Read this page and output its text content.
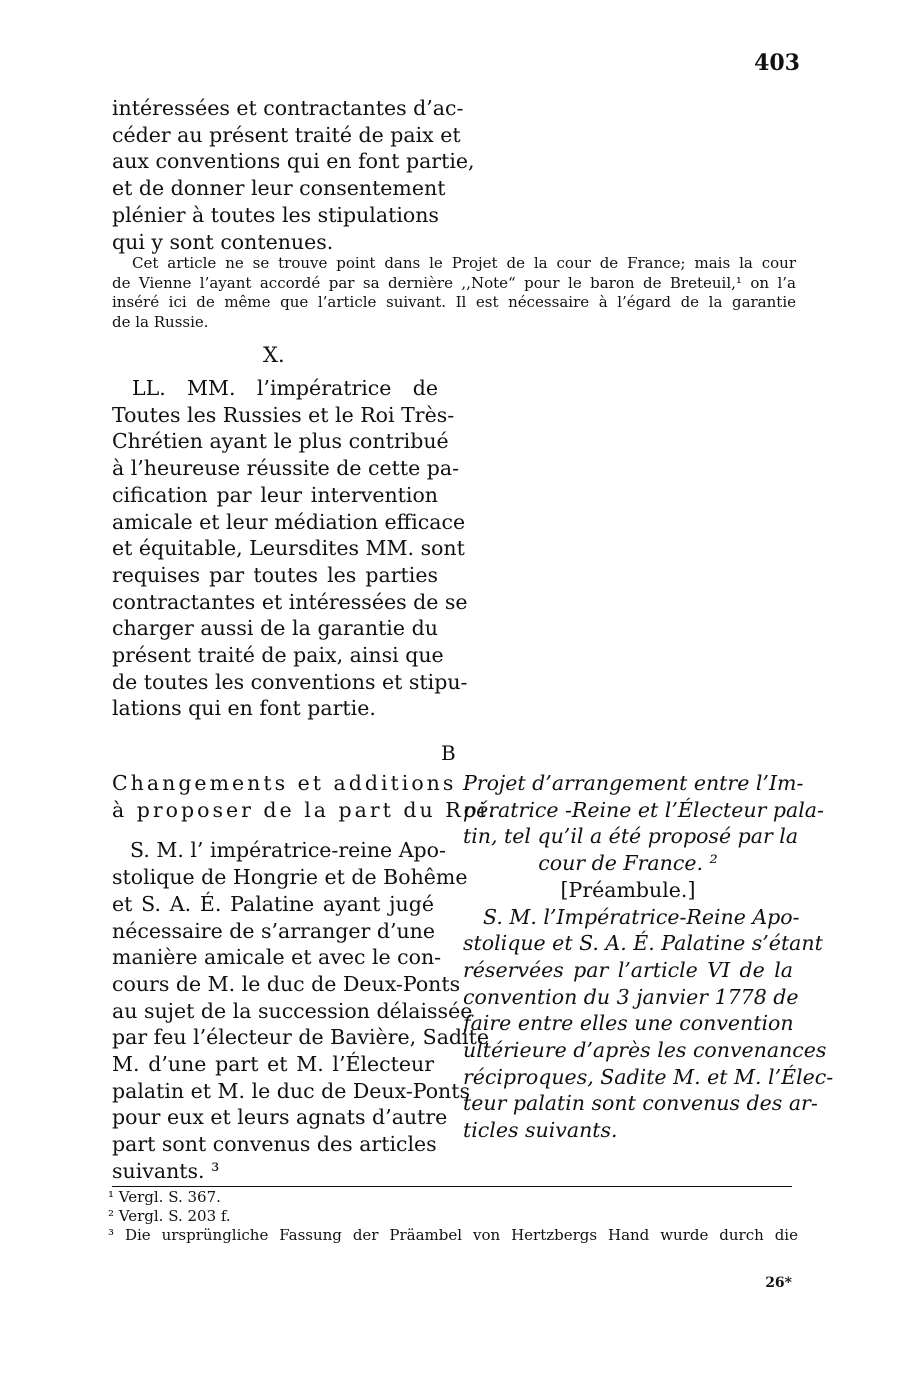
403
intéressées et contractantes d’ac-
céder au présent traité de paix et
aux conventions qui en font partie,
et de donner leur consentement
plénier à toutes les stipulations
qui y sont contenues.
Cet article ne se trouve point dans le Projet de la cour de France; mais la cour
de Vienne l’ayant accordé par sa dernière ,,Note“ pour le baron de Breteuil,¹ on l’a
inséré ici de même que l’article suivant. Il est nécessaire à l’égard de la garantie
de la Russie.
X.
LL. MM. l’impératrice de
Toutes les Russies et le Roi Très-
Chrétien ayant le plus contribué
à l’heureuse réussite de cette pa-
cification par leur intervention
amicale et leur médiation efficace
et équitable, Leursdites MM. sont
requises par toutes les parties
contractantes et intéressées de se
charger aussi de la garantie du
présent traité de paix, ainsi que
de toutes les conventions et stipu-
lations qui en font partie.
B
Changements et additions
à proposer de la part du Roi.
S. M. l’ impératrice-reine Apo-
stolique de Hongrie et de Bohême
et S. A. É. Palatine ayant jugé
nécessaire de s’arranger d’une
manière amicale et avec le con-
cours de M. le duc de Deux-Ponts
au sujet de la succession délaissée
par feu l’électeur de Bavière, Sadite
M. d’une part et M. l’Électeur
palatin et M. le duc de Deux-Ponts
pour eux et leurs agnats d’autre
part sont convenus des articles
suivants. ³
Projet d’arrangement entre l’Im-
pératrice -Reine et l’Électeur pala-
tin, tel qu’il a été proposé par la
cour de France. ²
[Préambule.]
S. M. l’Impératrice-Reine Apo-
stolique et S. A. É. Palatine s’étant
réservées par l’article VI de la
convention du 3 janvier 1778 de
faire entre elles une convention
ultérieure d’après les convenances
réciproques, Sadite M. et M. l’Élec-
teur palatin sont convenus des ar-
ticles suivants.
¹ Vergl. S. 367.
² Vergl. S. 203 f.
³ Die ursprüngliche Fassung der Präambel von Hertzbergs Hand wurde durch die
26*
